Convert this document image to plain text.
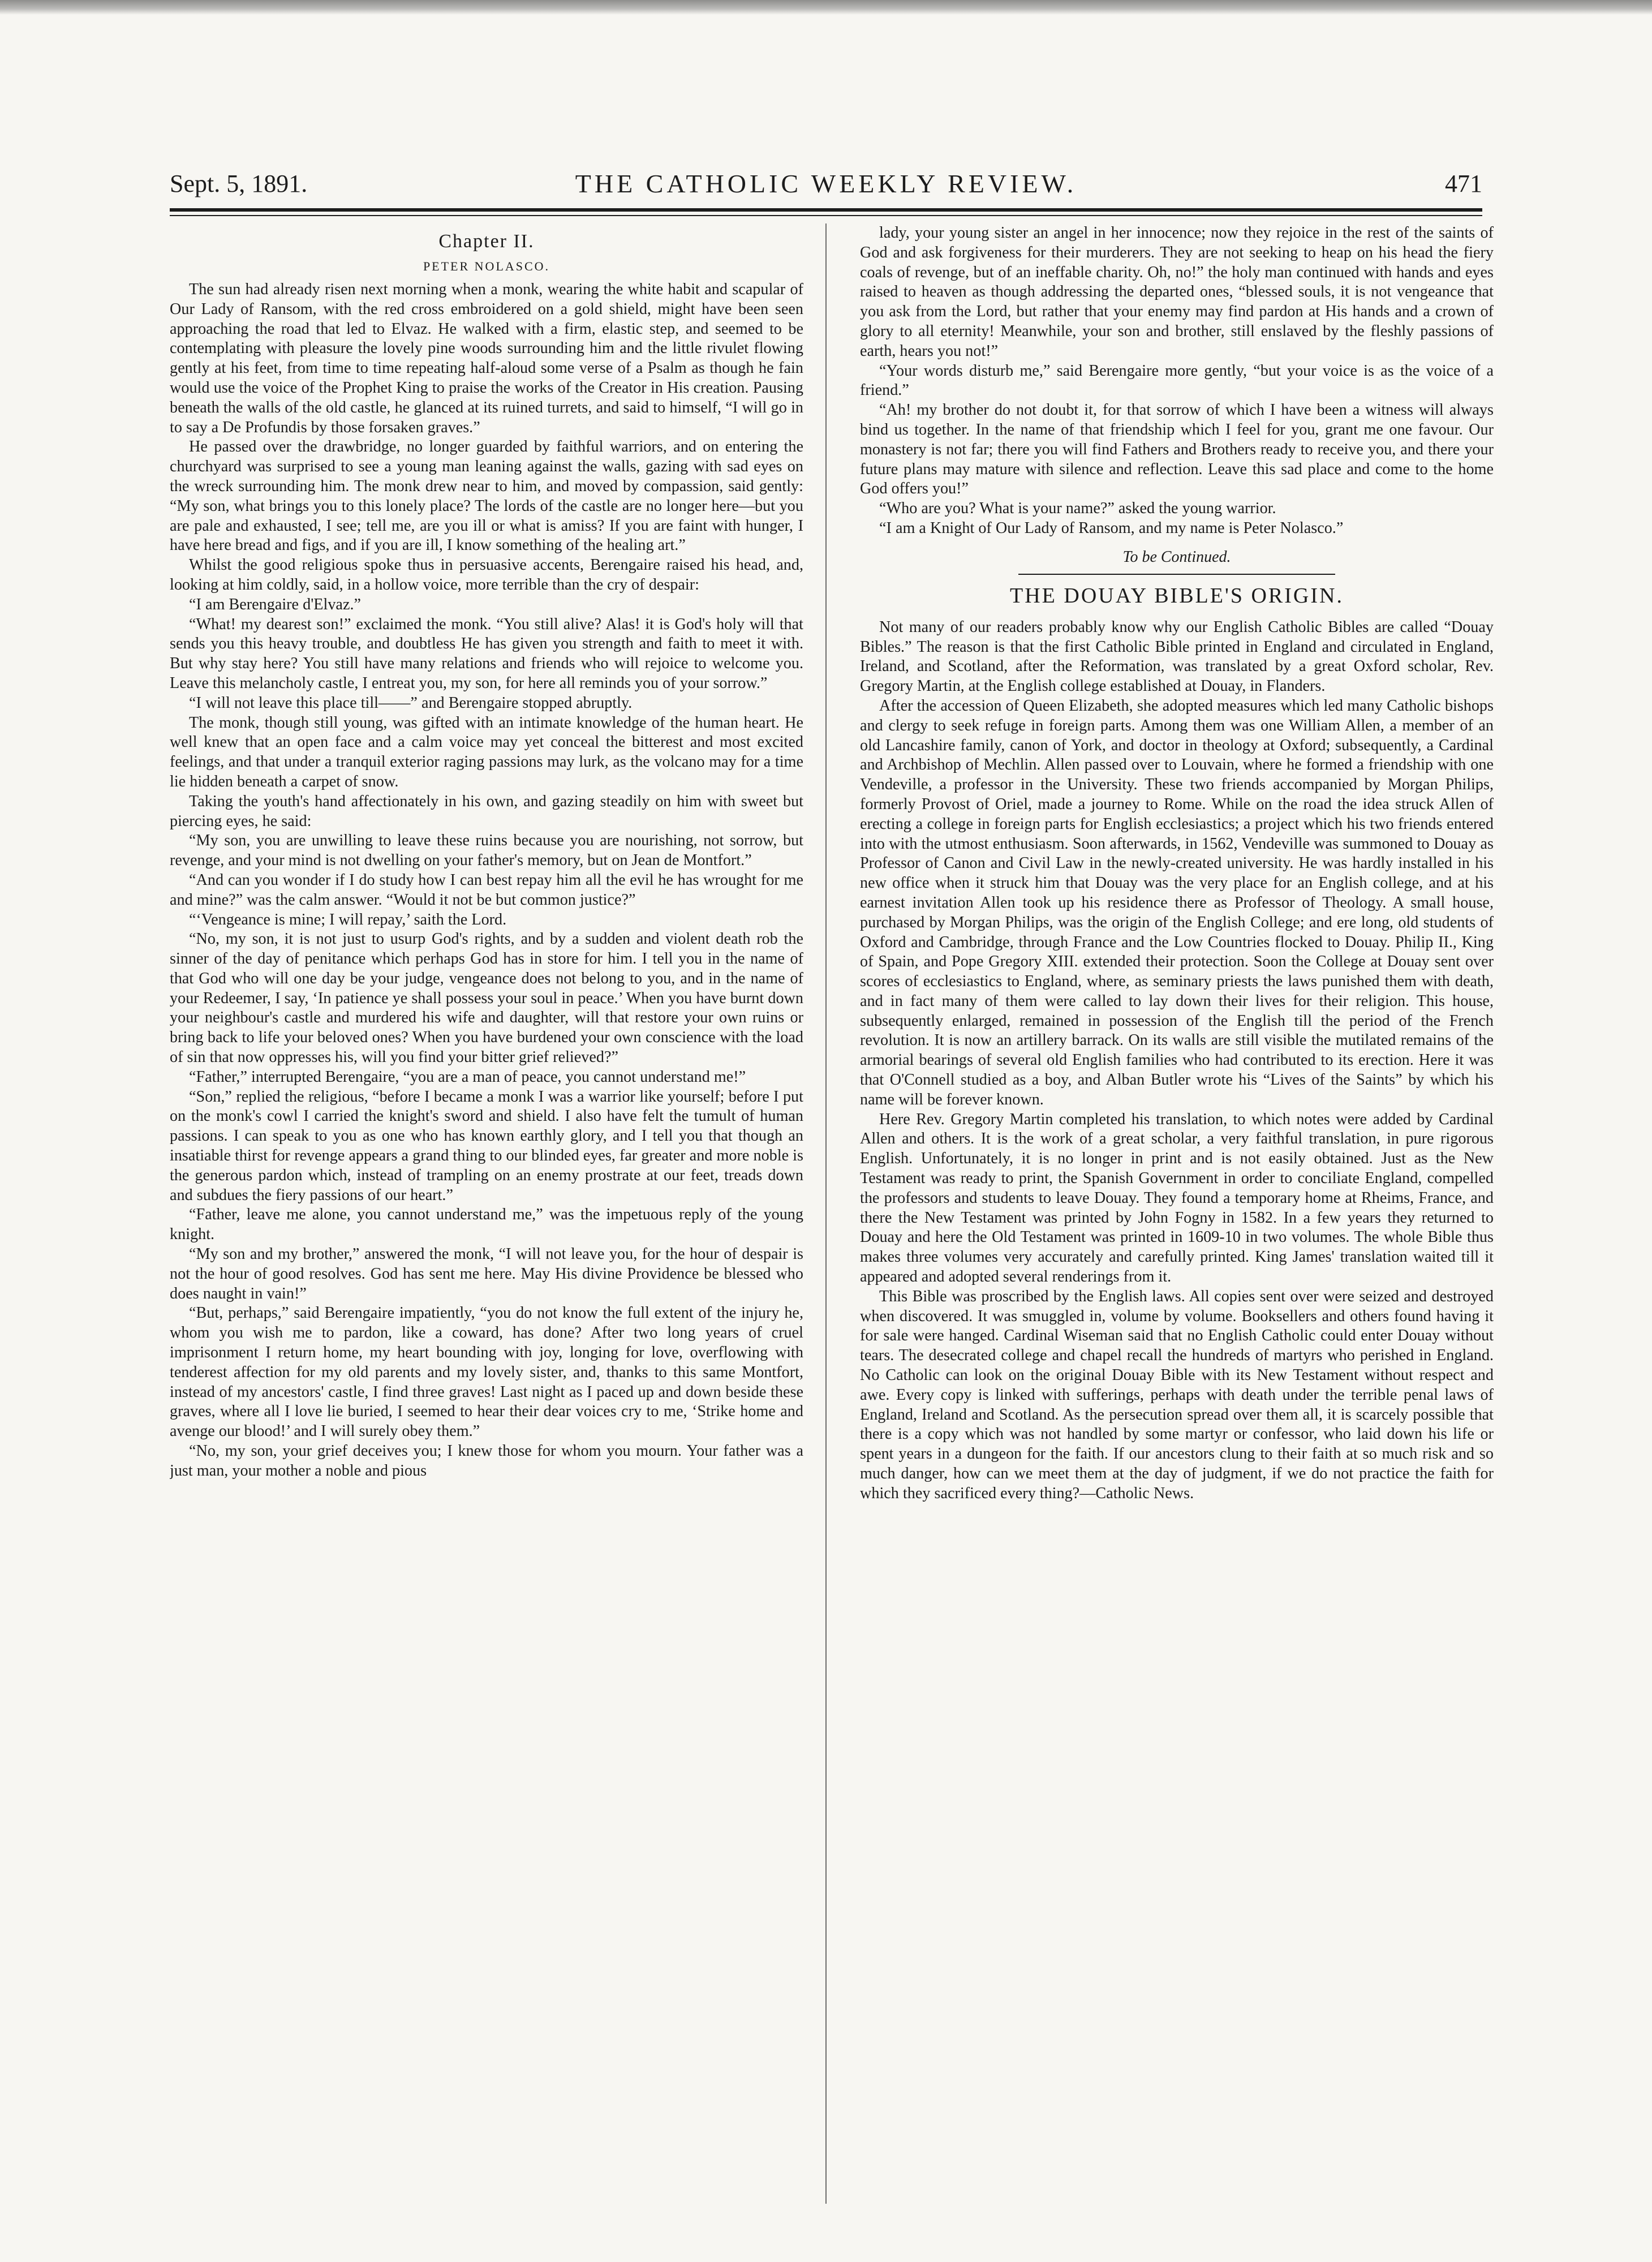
THE CATHOLIC WEEKLY REVIEW.
Sept. 5, 1891.	471
Chapter II.
PETER NOLASCO.

The sun had already risen next morning when a monk, wearing the white habit and scapular of Our Lady of Ransom, with the red cross embroidered on a gold shield, might have been seen approaching the road that led to Elvaz. He walked with a firm, elastic step, and seemed to be contemplating with pleasure the lovely pine woods surrounding him and the little rivulet flowing gently at his feet, from time to time repeating half-aloud some verse of a Psalm as though he fain would use the voice of the Prophet King to praise the works of the Creator in His creation. Pausing beneath the walls of the old castle, he glanced at its ruined turrets, and said to himself, “I will go in to say a De Profundis by those forsaken graves.”

He passed over the drawbridge, no longer guarded by faithful warriors, and on entering the churchyard was surprised to see a young man leaning against the walls, gazing with sad eyes on the wreck surrounding him. The monk drew near to him, and moved by compassion, said gently: “My son, what brings you to this lonely place? The lords of the castle are no longer here—but you are pale and exhausted, I see; tell me, are you ill or what is amiss? If you are faint with hunger, I have here bread and figs, and if you are ill, I know something of the healing art.”

Whilst the good religious spoke thus in persuasive accents, Berengaire raised his head, and, looking at him coldly, said, in a hollow voice, more terrible than the cry of despair:

“I am Berengaire d'Elvaz.”

“What! my dearest son!” exclaimed the monk. “You still alive? Alas! it is God's holy will that sends you this heavy trouble, and doubtless He has given you strength and faith to meet it with. But why stay here? You still have many relations and friends who will rejoice to welcome you. Leave this melancholy castle, I entreat you, my son, for here all reminds you of your sorrow.”

“I will not leave this place till——” and Berengaire stopped abruptly.

The monk, though still young, was gifted with an intimate knowledge of the human heart. He well knew that an open face and a calm voice may yet conceal the bitterest and most excited feelings, and that under a tranquil exterior raging passions may lurk, as the volcano may for a time lie hidden beneath a carpet of snow.

Taking the youth's hand affectionately in his own, and gazing steadily on him with sweet but piercing eyes, he said:

“My son, you are unwilling to leave these ruins because you are nourishing, not sorrow, but revenge, and your mind is not dwelling on your father's memory, but on Jean de Montfort.”

“And can you wonder if I do study how I can best repay him all the evil he has wrought for me and mine?” was the calm answer. “Would it not be but common justice?”

“‘Vengeance is mine; I will repay,’ saith the Lord.

“No, my son, it is not just to usurp God's rights, and by a sudden and violent death rob the sinner of the day of penitance which perhaps God has in store for him. I tell you in the name of that God who will one day be your judge, vengeance does not belong to you, and in the name of your Redeemer, I say, ‘In patience ye shall possess your soul in peace.’ When you have burnt down your neighbour's castle and murdered his wife and daughter, will that restore your own ruins or bring back to life your beloved ones? When you have burdened your own conscience with the load of sin that now oppresses his, will you find your bitter grief relieved?”

“Father,” interrupted Berengaire, “you are a man of peace, you cannot understand me!”

“Son,” replied the religious, “before I became a monk I was a warrior like yourself; before I put on the monk's cowl I carried the knight's sword and shield. I also have felt the tumult of human passions. I can speak to you as one who has known earthly glory, and I tell you that though an insatiable thirst for revenge appears a grand thing to our blinded eyes, far greater and more noble is the generous pardon which, instead of trampling on an enemy prostrate at our feet, treads down and subdues the fiery passions of our heart.”

“Father, leave me alone, you cannot understand me,” was the impetuous reply of the young knight.

“My son and my brother,” answered the monk, “I will not leave you, for the hour of despair is not the hour of good resolves. God has sent me here. May His divine Providence be blessed who does naught in vain!”

“But, perhaps,” said Berengaire impatiently, “you do not know the full extent of the injury he, whom you wish me to pardon, like a coward, has done? After two long years of cruel imprisonment I return home, my heart bounding with joy, longing for love, overflowing with tenderest affection for my old parents and my lovely sister, and, thanks to this same Montfort, instead of my ancestors' castle, I find three graves! Last night as I paced up and down beside these graves, where all I love lie buried, I seemed to hear their dear voices cry to me, ‘Strike home and avenge our blood!’ and I will surely obey them.”

“No, my son, your grief deceives you; I knew those for whom you mourn. Your father was a just man, your mother a noble and pious

lady, your young sister an angel in her innocence; now they rejoice in the rest of the saints of God and ask forgiveness for their murderers. They are not seeking to heap on his head the fiery coals of revenge, but of an ineffable charity. Oh, no!” the holy man continued with hands and eyes raised to heaven as though addressing the departed ones, “blessed souls, it is not vengeance that you ask from the Lord, but rather that your enemy may find pardon at His hands and a crown of glory to all eternity! Meanwhile, your son and brother, still enslaved by the fleshly passions of earth, hears you not!”

“Your words disturb me,” said Berengaire more gently, “but your voice is as the voice of a friend.”

“Ah! my brother do not doubt it, for that sorrow of which I have been a witness will always bind us together. In the name of that friendship which I feel for you, grant me one favour. Our monastery is not far; there you will find Fathers and Brothers ready to receive you, and there your future plans may mature with silence and reflection. Leave this sad place and come to the home God offers you!”

“Who are you? What is your name?” asked the young warrior.

“I am a Knight of Our Lady of Ransom, and my name is Peter Nolasco.”

To be Continued.
THE DOUAY BIBLE'S ORIGIN.

Not many of our readers probably know why our English Catholic Bibles are called “Douay Bibles.” The reason is that the first Catholic Bible printed in England and circulated in England, Ireland, and Scotland, after the Reformation, was translated by a great Oxford scholar, Rev. Gregory Martin, at the English college established at Douay, in Flanders.

After the accession of Queen Elizabeth, she adopted measures which led many Catholic bishops and clergy to seek refuge in foreign parts. Among them was one William Allen, a member of an old Lancashire family, canon of York, and doctor in theology at Oxford; subsequently, a Cardinal and Archbishop of Mechlin. Allen passed over to Louvain, where he formed a friendship with one Vendeville, a professor in the University. These two friends accompanied by Morgan Philips, formerly Provost of Oriel, made a journey to Rome. While on the road the idea struck Allen of erecting a college in foreign parts for English ecclesiastics; a project which his two friends entered into with the utmost enthusiasm. Soon afterwards, in 1562, Vendeville was summoned to Douay as Professor of Canon and Civil Law in the newly-created university. He was hardly installed in his new office when it struck him that Douay was the very place for an English college, and at his earnest invitation Allen took up his residence there as Professor of Theology. A small house, purchased by Morgan Philips, was the origin of the English College; and ere long, old students of Oxford and Cambridge, through France and the Low Countries flocked to Douay. Philip II., King of Spain, and Pope Gregory XIII. extended their protection. Soon the College at Douay sent over scores of ecclesiastics to England, where, as seminary priests the laws punished them with death, and in fact many of them were called to lay down their lives for their religion. This house, subsequently enlarged, remained in possession of the English till the period of the French revolution. It is now an artillery barrack. On its walls are still visible the mutilated remains of the armorial bearings of several old English families who had contributed to its erection. Here it was that O'Connell studied as a boy, and Alban Butler wrote his “Lives of the Saints” by which his name will be forever known.

Here Rev. Gregory Martin completed his translation, to which notes were added by Cardinal Allen and others. It is the work of a great scholar, a very faithful translation, in pure rigorous English. Unfortunately, it is no longer in print and is not easily obtained. Just as the New Testament was ready to print, the Spanish Government in order to conciliate England, compelled the professors and students to leave Douay. They found a temporary home at Rheims, France, and there the New Testament was printed by John Fogny in 1582. In a few years they returned to Douay and here the Old Testament was printed in 1609-10 in two volumes. The whole Bible thus makes three volumes very accurately and carefully printed. King James' translation waited till it appeared and adopted several renderings from it.

This Bible was proscribed by the English laws. All copies sent over were seized and destroyed when discovered. It was smuggled in, volume by volume. Booksellers and others found having it for sale were hanged. Cardinal Wiseman said that no English Catholic could enter Douay without tears. The desecrated college and chapel recall the hundreds of martyrs who perished in England. No Catholic can look on the original Douay Bible with its New Testament without respect and awe. Every copy is linked with sufferings, perhaps with death under the terrible penal laws of England, Ireland and Scotland. As the persecution spread over them all, it is scarcely possible that there is a copy which was not handled by some martyr or confessor, who laid down his life or spent years in a dungeon for the faith. If our ancestors clung to their faith at so much risk and so much danger, how can we meet them at the day of judgment, if we do not practice the faith for which they sacrificed every thing?—Catholic News.
